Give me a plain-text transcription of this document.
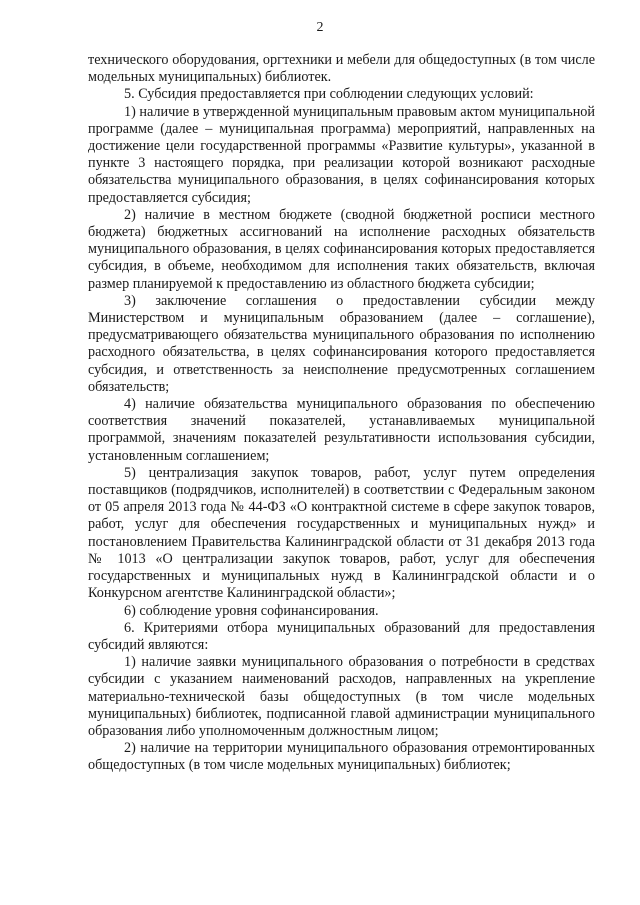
2

технического оборудования, оргтехники и мебели для общедоступных (в том числе модельных муниципальных) библиотек.

5. Субсидия предоставляется при соблюдении следующих условий:

1) наличие в утвержденной муниципальным правовым актом муниципальной программе (далее – муниципальная программа) мероприятий, направленных на достижение цели государственной программы «Развитие культуры», указанной в пункте 3 настоящего порядка, при реализации которой возникают расходные обязательства муниципального образования, в целях софинансирования которых предоставляется субсидия;

2) наличие в местном бюджете (сводной бюджетной росписи местного бюджета) бюджетных ассигнований на исполнение расходных обязательств муниципального образования, в целях софинансирования которых предоставляется субсидия, в объеме, необходимом для исполнения таких обязательств, включая размер планируемой к предоставлению из областного бюджета субсидии;

3) заключение соглашения о предоставлении субсидии между Министерством и муниципальным образованием (далее – соглашение), предусматривающего обязательства муниципального образования по исполнению расходного обязательства, в целях софинансирования которого предоставляется субсидия, и ответственность за неисполнение предусмотренных соглашением обязательств;

4) наличие обязательства муниципального образования по обеспечению соответствия значений показателей, устанавливаемых муниципальной программой, значениям показателей результативности использования субсидии, установленным соглашением;

5) централизация закупок товаров, работ, услуг путем определения поставщиков (подрядчиков, исполнителей) в соответствии с Федеральным законом от 05 апреля 2013 года № 44-ФЗ «О контрактной системе в сфере закупок товаров, работ, услуг для обеспечения государственных и муниципальных нужд» и постановлением Правительства Калининградской области от 31 декабря 2013 года № 1013 «О централизации закупок товаров, работ, услуг для обеспечения государственных и муниципальных нужд в Калининградской области и о Конкурсном агентстве Калининградской области»;

6) соблюдение уровня софинансирования.

6. Критериями отбора муниципальных образований для предоставления субсидий являются:

1) наличие заявки муниципального образования о потребности в средствах субсидии с указанием наименований расходов, направленных на укрепление материально-технической базы общедоступных (в том числе модельных муниципальных) библиотек, подписанной главой администрации муниципального образования либо уполномоченным должностным лицом;

2) наличие на территории муниципального образования отремонтированных общедоступных (в том числе модельных муниципальных) библиотек;
